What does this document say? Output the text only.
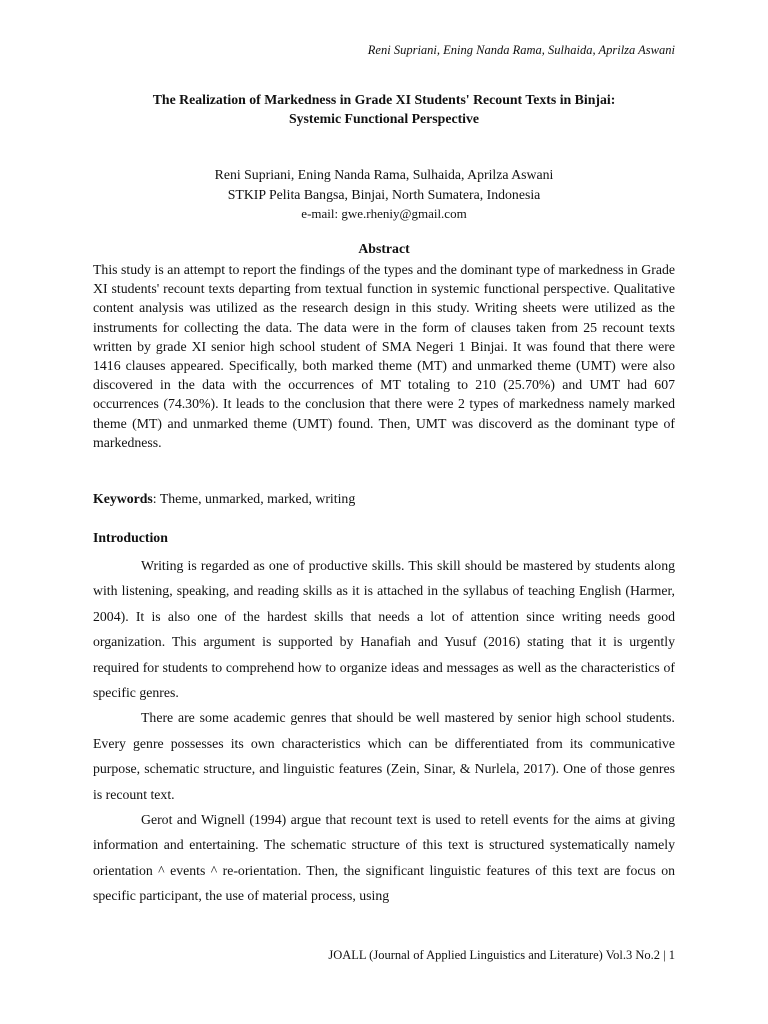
Reni Supriani, Ening Nanda Rama, Sulhaida, Aprilza Aswani
The Realization of Markedness in Grade XI Students' Recount Texts in Binjai:
Systemic Functional Perspective
Reni Supriani, Ening Nanda Rama, Sulhaida, Aprilza Aswani
STKIP Pelita Bangsa, Binjai, North Sumatera, Indonesia
e-mail: gwe.rheniy@gmail.com
Abstract
This study is an attempt to report the findings of the types and the dominant type of markedness in Grade XI students' recount texts departing from textual function in systemic functional perspective. Qualitative content analysis was utilized as the research design in this study. Writing sheets were utilized as the instruments for collecting the data. The data were in the form of clauses taken from 25 recount texts written by grade XI senior high school student of SMA Negeri 1 Binjai. It was found that there were 1416 clauses appeared. Specifically, both marked theme (MT) and unmarked theme (UMT) were also discovered in the data with the occurrences of MT totaling to 210 (25.70%) and UMT had 607 occurrences (74.30%). It leads to the conclusion that there were 2 types of markedness namely marked theme (MT) and unmarked theme (UMT) found. Then, UMT was discoverd as the dominant type of markedness.
Keywords: Theme, unmarked, marked, writing
Introduction

Writing is regarded as one of productive skills. This skill should be mastered by students along with listening, speaking, and reading skills as it is attached in the syllabus of teaching English (Harmer, 2004). It is also one of the hardest skills that needs a lot of attention since writing needs good organization. This argument is supported by Hanafiah and Yusuf (2016) stating that it is urgently required for students to comprehend how to organize ideas and messages as well as the characteristics of specific genres.

There are some academic genres that should be well mastered by senior high school students. Every genre possesses its own characteristics which can be differentiated from its communicative purpose, schematic structure, and linguistic features (Zein, Sinar, & Nurlela, 2017). One of those genres is recount text.

Gerot and Wignell (1994) argue that recount text is used to retell events for the aims at giving information and entertaining. The schematic structure of this text is structured systematically namely orientation ^ events ^ re-orientation. Then, the significant linguistic features of this text are focus on specific participant, the use of material process, using

JOALL (Journal of Applied Linguistics and Literature) Vol.3 No.2 | 1
